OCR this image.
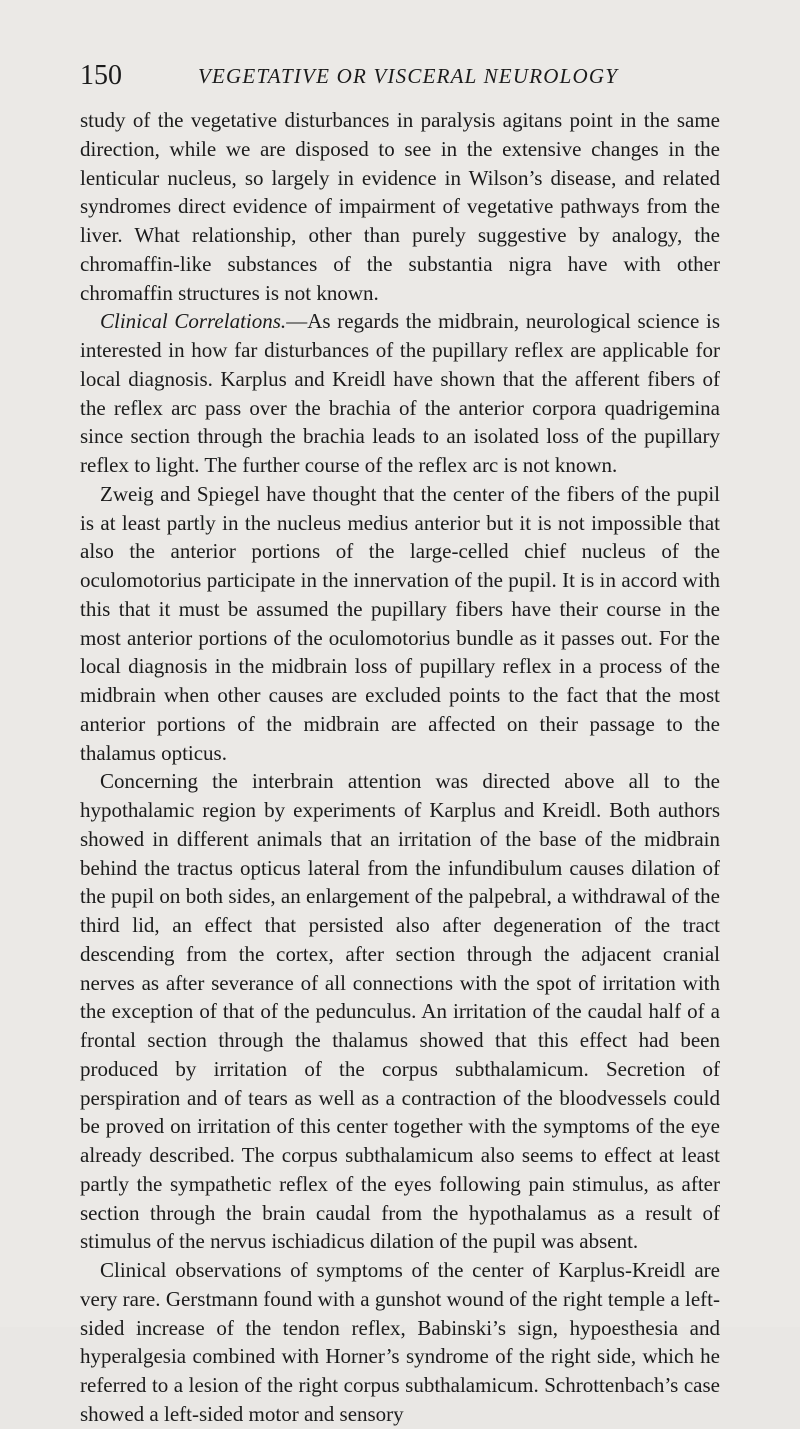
150	VEGETATIVE OR VISCERAL NEUROLOGY

study of the vegetative disturbances in paralysis agitans point in the same direction, while we are disposed to see in the extensive changes in the lenticular nucleus, so largely in evidence in Wilson’s disease, and related syndromes direct evidence of impairment of vegetative pathways from the liver. What relationship, other than purely suggestive by analogy, the chromaffin-like substances of the substantia nigra have with other chromaffin structures is not known.

Clinical Correlations.—As regards the midbrain, neurological science is interested in how far disturbances of the pupillary reflex are applicable for local diagnosis. Karplus and Kreidl have shown that the afferent fibers of the reflex arc pass over the brachia of the anterior corpora quadrigemina since section through the brachia leads to an isolated loss of the pupillary reflex to light. The further course of the reflex arc is not known.

Zweig and Spiegel have thought that the center of the fibers of the pupil is at least partly in the nucleus medius anterior but it is not impossible that also the anterior portions of the large-celled chief nucleus of the oculomotorius participate in the innervation of the pupil. It is in accord with this that it must be assumed the pupillary fibers have their course in the most anterior portions of the oculomotorius bundle as it passes out. For the local diagnosis in the midbrain loss of pupillary reflex in a process of the midbrain when other causes are excluded points to the fact that the most anterior portions of the midbrain are affected on their passage to the thalamus opticus.

Concerning the interbrain attention was directed above all to the hypothalamic region by experiments of Karplus and Kreidl. Both authors showed in different animals that an irritation of the base of the midbrain behind the tractus opticus lateral from the infundibulum causes dilation of the pupil on both sides, an enlargement of the palpebral, a withdrawal of the third lid, an effect that persisted also after degeneration of the tract descending from the cortex, after section through the adjacent cranial nerves as after severance of all connections with the spot of irritation with the exception of that of the pedunculus. An irritation of the caudal half of a frontal section through the thalamus showed that this effect had been produced by irritation of the corpus subthalamicum. Secretion of perspiration and of tears as well as a contraction of the bloodvessels could be proved on irritation of this center together with the symptoms of the eye already described. The corpus subthalamicum also seems to effect at least partly the sympathetic reflex of the eyes following pain stimulus, as after section through the brain caudal from the hypothalamus as a result of stimulus of the nervus ischiadicus dilation of the pupil was absent.

Clinical observations of symptoms of the center of Karplus-Kreidl are very rare. Gerstmann found with a gunshot wound of the right temple a left-sided increase of the tendon reflex, Babinski’s sign, hypoesthesia and hyperalgesia combined with Horner’s syndrome of the right side, which he referred to a lesion of the right corpus subthalamicum. Schrottenbach’s case showed a left-sided motor and sensory
